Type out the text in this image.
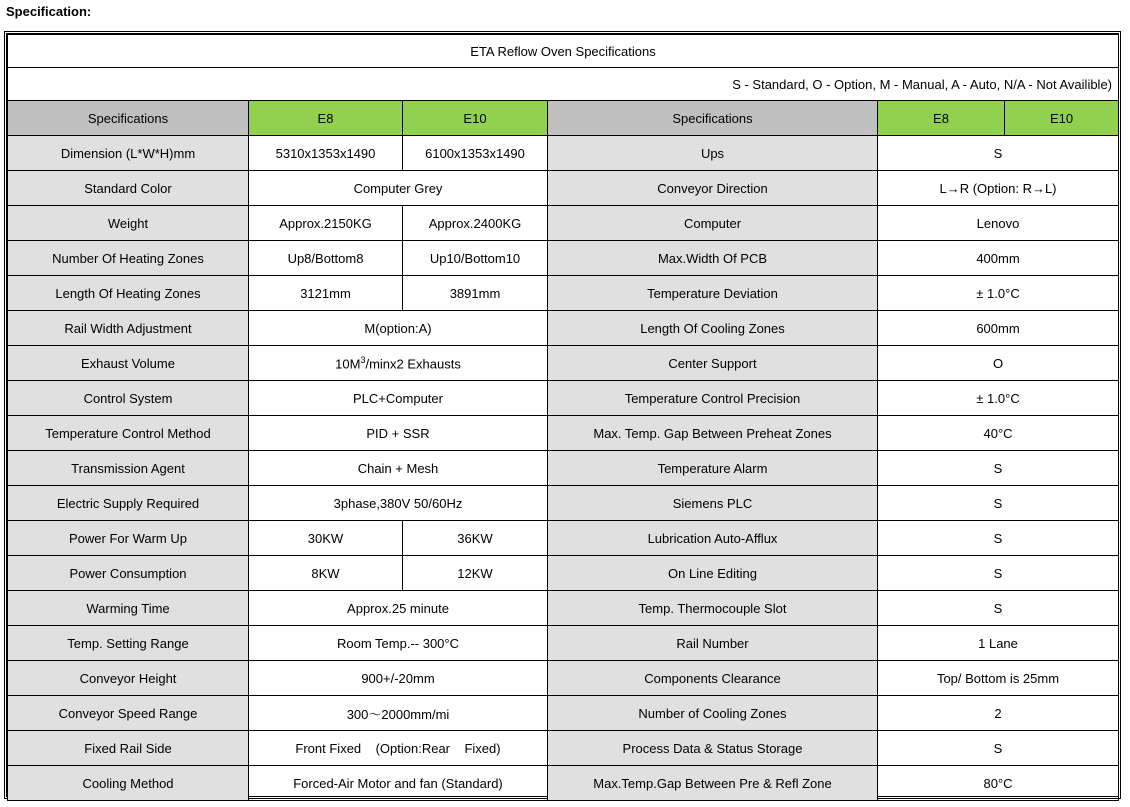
Specification:
ETA Reflow Oven Specifications					
S - Standard, O - Option, M - Manual, A - Auto, N/A - Not Availible)					
Specifications	E8	E10	Specifications	E8	E10
Dimension (L*W*H)mm	5310x1353x1490	6100x1353x1490	Ups	S	
Standard Color	Computer Grey		Conveyor Direction	L→R (Option: R→L)	
Weight	Approx.2150KG	Approx.2400KG	Computer	Lenovo	
Number Of Heating Zones	Up8/Bottom8	Up10/Bottom10	Max.Width Of PCB	400mm	
Length Of Heating Zones	3121mm	3891mm	Temperature Deviation	± 1.0°C	
Rail Width Adjustment	M(option:A)		Length Of Cooling Zones	600mm	
Exhaust Volume	$10M^3/\min x2$ Exhausts		Center Support	O	
Control System	PLC+Computer		Temperature Control Precision	± 1.0°C	
Temperature Control Method	PID + SSR		Max. Temp. Gap Between Preheat Zones	40°C	
Transmission Agent	Chain + Mesh		Temperature Alarm	S	
Electric Supply Required	3phase,380V 50/60Hz		Siemens PLC	S	
Power For Warm Up	30KW	36KW	Lubrication Auto-Afflux	S	
Power Consumption	8KW	12KW	On Line Editing	S	
Warming Time	Approx.25 minute		Temp. Thermocouple Slot	S	
Temp. Setting Range	Room Temp.-- 300°C		Rail Number	1 Lane	
Conveyor Height	900+/-20mm		Components Clearance	Top/ Bottom is 25mm	
Conveyor Speed Range	300～2000mm/mi		Number of Cooling Zones	2	
Fixed Rail Side	Front Fixed    (Option:Rear    Fixed)		Process Data & Status Storage	S	
Cooling Method	Forced-Air Motor and fan (Standard)		Max.Temp.Gap Between Pre & Refl Zone	80°C	
